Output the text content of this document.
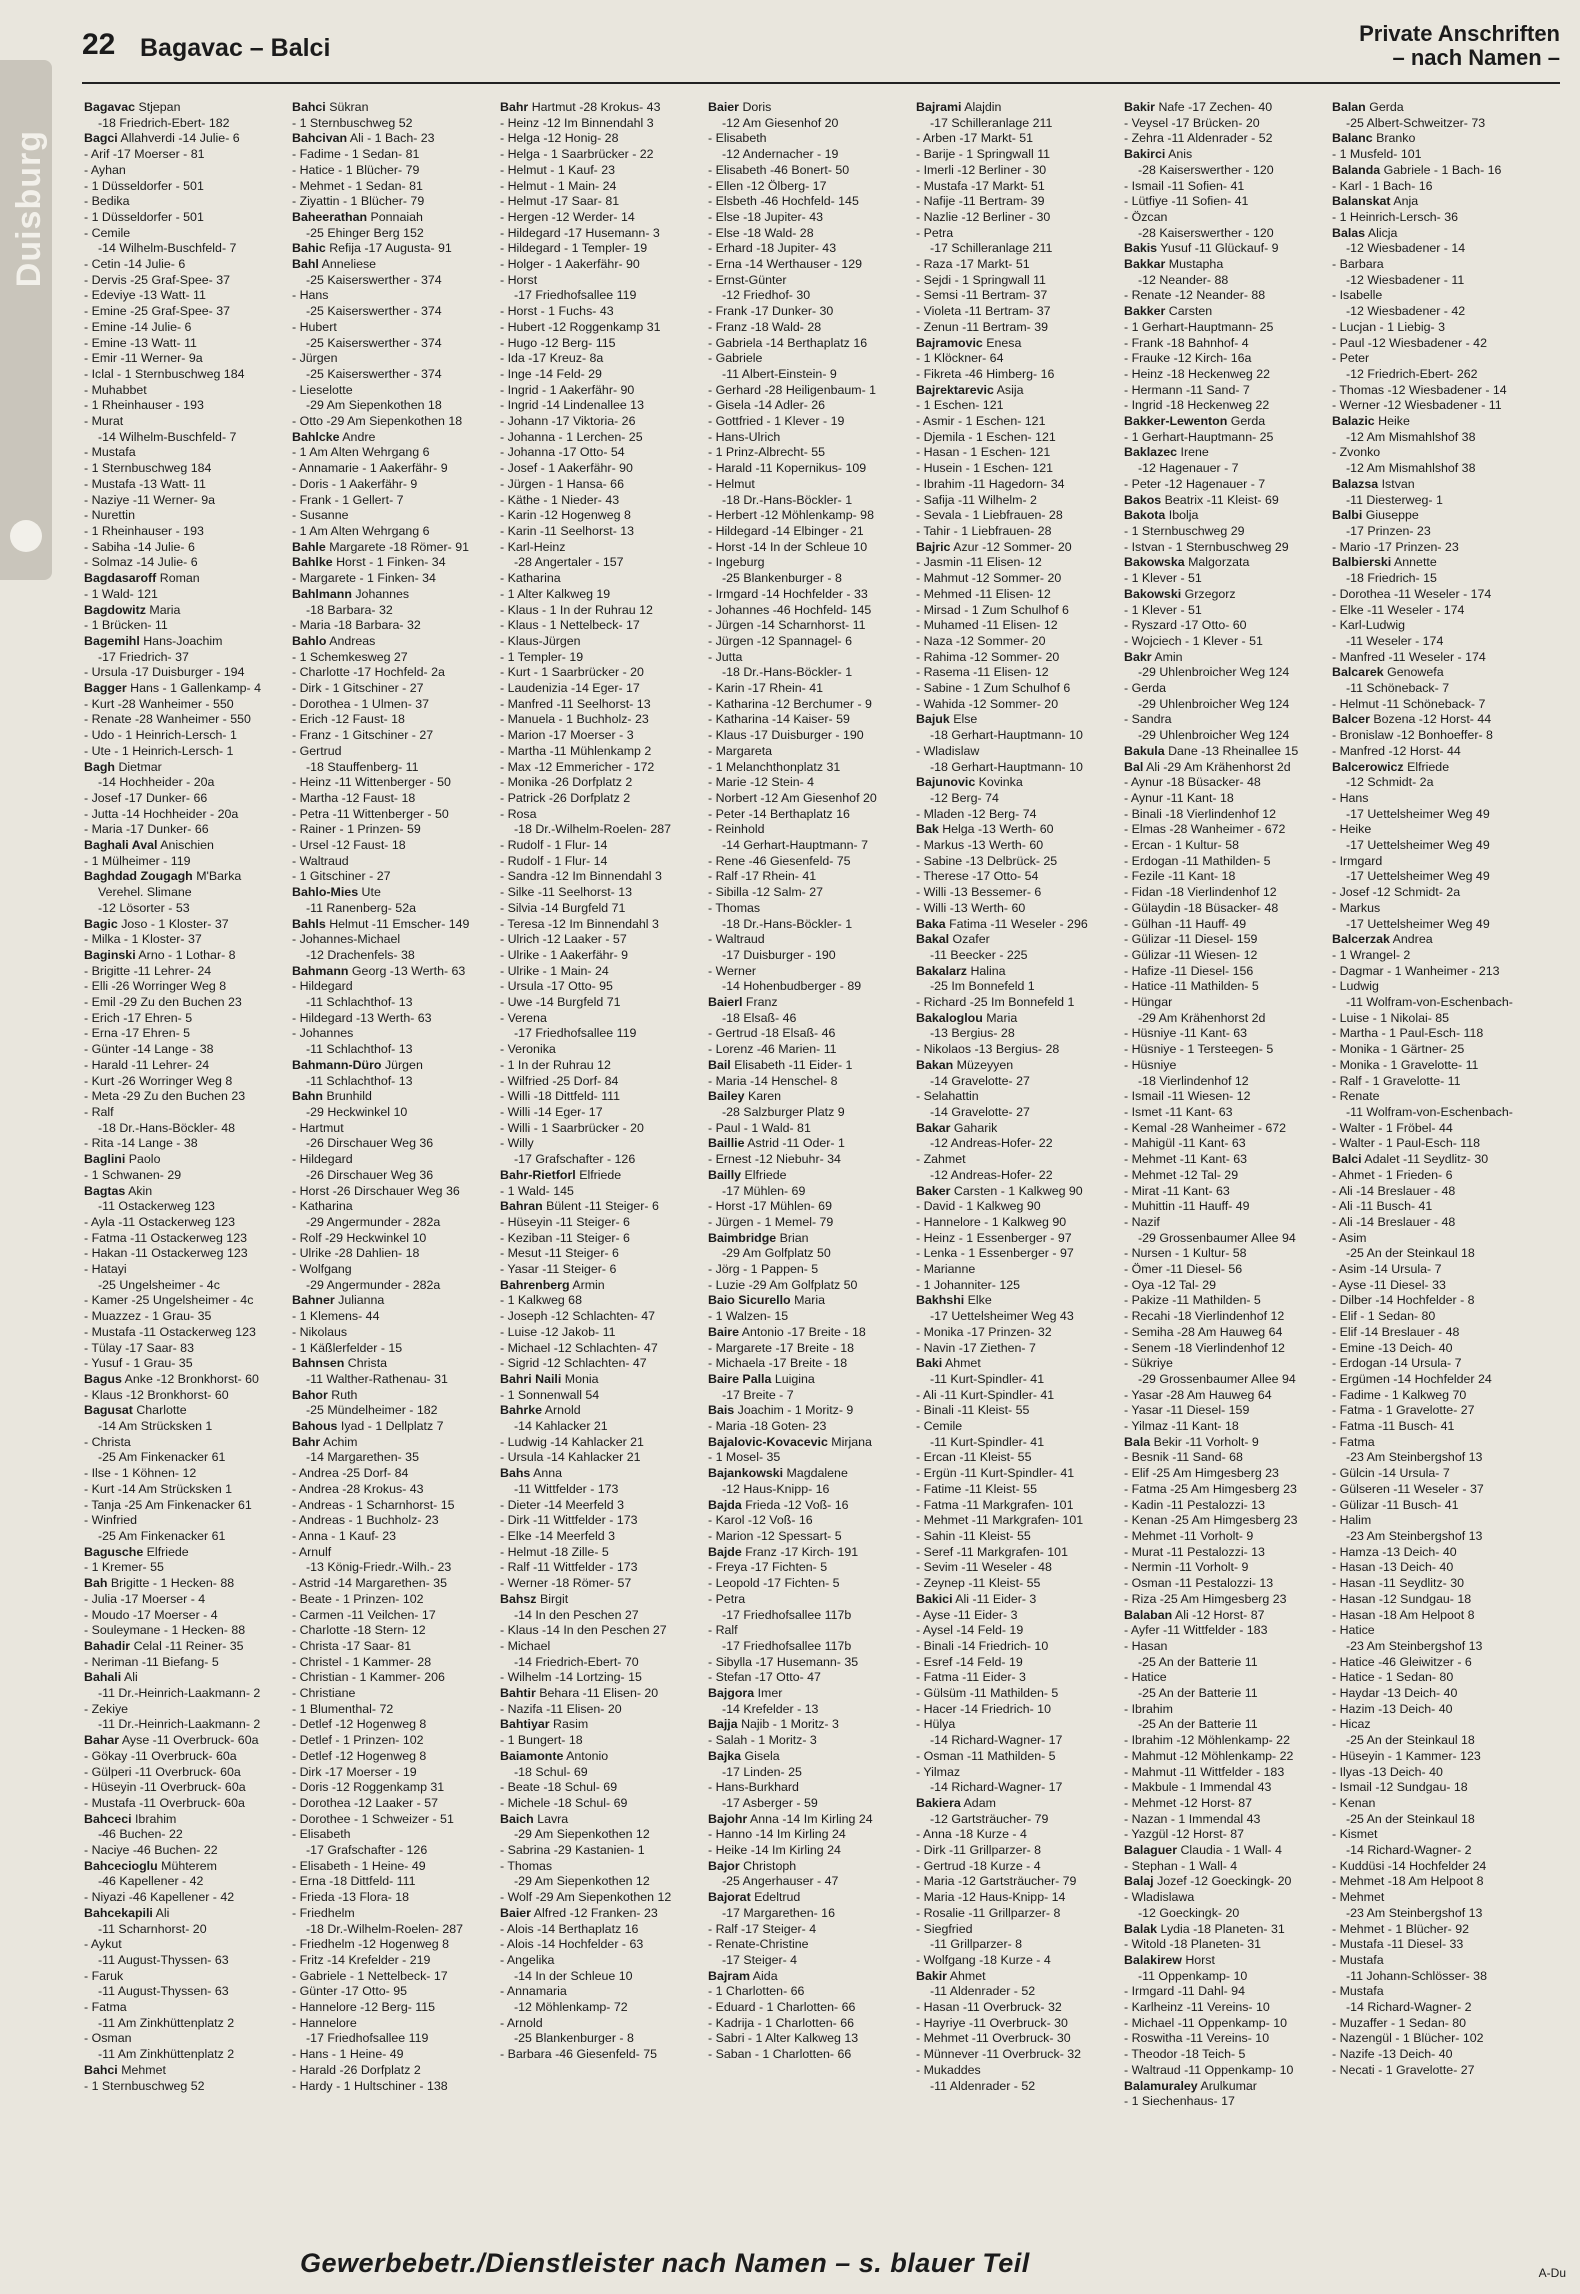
Duisburg
22 Bagavac – Balci
Private Anschriften
– nach Namen –
Bagavac Stjepan
-18 Friedrich-Ebert- 182
Bagci Allahverdi -14 Julie- 6
- Arif -17 Moerser - 81
- Ayhan
- 1 Düsseldorfer - 501
- Bedika
- 1 Düsseldorfer - 501
- Cemile
-14 Wilhelm-Buschfeld- 7
- Cetin -14 Julie- 6
- Dervis -25 Graf-Spee- 37
- Edeviye -13 Watt- 11
- Emine -25 Graf-Spee- 37
- Emine -14 Julie- 6
- Emine -13 Watt- 11
- Emir -11 Werner- 9a
- Iclal - 1 Sternbuschweg 184
- Muhabbet
- 1 Rheinhauser - 193
- Murat
-14 Wilhelm-Buschfeld- 7
- Mustafa
- 1 Sternbuschweg 184
- Mustafa -13 Watt- 11
- Naziye -11 Werner- 9a
- Nurettin
- 1 Rheinhauser - 193
- Sabiha -14 Julie- 6
- Solmaz -14 Julie- 6
Bagdasaroff Roman
- 1 Wald- 121
Bagdowitz Maria
- 1 Brücken- 11
Bagemihl Hans-Joachim
-17 Friedrich- 37
- Ursula -17 Duisburger - 194
Bagger Hans - 1 Gallenkamp- 4
- Kurt -28 Wanheimer - 550
- Renate -28 Wanheimer - 550
- Udo - 1 Heinrich-Lersch- 1
- Ute - 1 Heinrich-Lersch- 1
Bagh Dietmar
-14 Hochheider - 20a
- Josef -17 Dunker- 66
- Jutta -14 Hochheider - 20a
- Maria -17 Dunker- 66
Baghali Aval Anischien
- 1 Mülheimer - 119
Baghdad Zougagh M'Barka
Verehel. Slimane
-12 Lösorter - 53
Bagic Joso - 1 Kloster- 37
- Milka - 1 Kloster- 37
Baginski Arno - 1 Lothar- 8
- Brigitte -11 Lehrer- 24
- Elli -26 Worringer Weg 8
- Emil -29 Zu den Buchen 23
- Erich -17 Ehren- 5
- Erna -17 Ehren- 5
- Günter -14 Lange - 38
- Harald -11 Lehrer- 24
- Kurt -26 Worringer Weg 8
- Meta -29 Zu den Buchen 23
- Ralf
-18 Dr.-Hans-Böckler- 48
- Rita -14 Lange - 38
Baglini Paolo
- 1 Schwanen- 29
Bagtas Akin
-11 Ostackerweg 123
- Ayla -11 Ostackerweg 123
- Fatma -11 Ostackerweg 123
- Hakan -11 Ostackerweg 123
- Hatayi
-25 Ungelsheimer - 4c
- Kamer -25 Ungelsheimer - 4c
- Muazzez - 1 Grau- 35
- Mustafa -11 Ostackerweg 123
- Tülay -17 Saar- 83
- Yusuf - 1 Grau- 35
Bagus Anke -12 Bronkhorst- 60
- Klaus -12 Bronkhorst- 60
Bagusat Charlotte
-14 Am Strücksken 1
- Christa
-25 Am Finkenacker 61
- Ilse - 1 Köhnen- 12
- Kurt -14 Am Strücksken 1
- Tanja -25 Am Finkenacker 61
- Winfried
-25 Am Finkenacker 61
Bagusche Elfriede
- 1 Kremer- 55
Bah Brigitte - 1 Hecken- 88
- Julia -17 Moerser - 4
- Moudo -17 Moerser - 4
- Souleymane - 1 Hecken- 88
Bahadir Celal -11 Reiner- 35
- Neriman -11 Biefang- 5
Bahali Ali
-11 Dr.-Heinrich-Laakmann- 2
- Zekiye
-11 Dr.-Heinrich-Laakmann- 2
Bahar Ayse -11 Overbruck- 60a
- Gökay -11 Overbruck- 60a
- Gülperi -11 Overbruck- 60a
- Hüseyin -11 Overbruck- 60a
- Mustafa -11 Overbruck- 60a
Bahceci Ibrahim
-46 Buchen- 22
- Naciye -46 Buchen- 22
Bahcecioglu Mühterem
-46 Kapellener - 42
- Niyazi -46 Kapellener - 42
Bahcekapili Ali
-11 Scharnhorst- 20
- Aykut
-11 August-Thyssen- 63
- Faruk
-11 August-Thyssen- 63
- Fatma
-11 Am Zinkhüttenplatz 2
- Osman
-11 Am Zinkhüttenplatz 2
Bahci Mehmet
- 1 Sternbuschweg 52
Bahci Sükran
- 1 Sternbuschweg 52
Bahcivan Ali - 1 Bach- 23
- Fadime - 1 Sedan- 81
- Hatice - 1 Blücher- 79
- Mehmet - 1 Sedan- 81
- Ziyattin - 1 Blücher- 79
Baheerathan Ponnaiah
-25 Ehinger Berg 152
Bahic Refija -17 Augusta- 91
Bahl Anneliese
-25 Kaiserswerther - 374
- Hans
-25 Kaiserswerther - 374
- Hubert
-25 Kaiserswerther - 374
- Jürgen
-25 Kaiserswerther - 374
- Lieselotte
-29 Am Siepenkothen 18
- Otto -29 Am Siepenkothen 18
Bahlcke Andre
- 1 Am Alten Wehrgang 6
- Annamarie - 1 Aakerfähr- 9
- Doris - 1 Aakerfähr- 9
- Frank - 1 Gellert- 7
- Susanne
- 1 Am Alten Wehrgang 6
Bahle Margarete -18 Römer- 91
Bahlke Horst - 1 Finken- 34
- Margarete - 1 Finken- 34
Bahlmann Johannes
-18 Barbara- 32
- Maria -18 Barbara- 32
Bahlo Andreas
- 1 Schemkesweg 27
- Charlotte -17 Hochfeld- 2a
- Dirk - 1 Gitschiner - 27
- Dorothea - 1 Ulmen- 37
- Erich -12 Faust- 18
- Franz - 1 Gitschiner - 27
- Gertrud
-18 Stauffenberg- 11
- Heinz -11 Wittenberger - 50
- Martha -12 Faust- 18
- Petra -11 Wittenberger - 50
- Rainer - 1 Prinzen- 59
- Ursel -12 Faust- 18
- Waltraud
- 1 Gitschiner - 27
Bahlo-Mies Ute
-11 Ranenberg- 52a
Bahls Helmut -11 Emscher- 149
- Johannes-Michael
-12 Drachenfels- 38
Bahmann Georg -13 Werth- 63
- Hildegard
-11 Schlachthof- 13
- Hildegard -13 Werth- 63
- Johannes
-11 Schlachthof- 13
Bahmann-Düro Jürgen
-11 Schlachthof- 13
Bahn Brunhild
-29 Heckwinkel 10
- Hartmut
-26 Dirschauer Weg 36
- Hildegard
-26 Dirschauer Weg 36
- Horst -26 Dirschauer Weg 36
- Katharina
-29 Angermunder - 282a
- Rolf -29 Heckwinkel 10
- Ulrike -28 Dahlien- 18
- Wolfgang
-29 Angermunder - 282a
Bahner Julianna
- 1 Klemens- 44
- Nikolaus
- 1 Käßlerfelder - 15
Bahnsen Christa
-11 Walther-Rathenau- 31
Bahor Ruth
-25 Mündelheimer - 182
Bahous Iyad - 1 Dellplatz 7
Bahr Achim
-14 Margarethen- 35
- Andrea -25 Dorf- 84
- Andrea -28 Krokus- 43
- Andreas - 1 Scharnhorst- 15
- Andreas - 1 Buchholz- 23
- Anna - 1 Kauf- 23
- Arnulf
-13 König-Friedr.-Wilh.- 23
- Astrid -14 Margarethen- 35
- Beate - 1 Prinzen- 102
- Carmen -11 Veilchen- 17
- Charlotte -18 Stern- 12
- Christa -17 Saar- 81
- Christel - 1 Kammer- 28
- Christian - 1 Kammer- 206
- Christiane
- 1 Blumenthal- 72
- Detlef -12 Hogenweg 8
- Detlef - 1 Prinzen- 102
- Detlef -12 Hogenweg 8
- Dirk -17 Moerser - 19
- Doris -12 Roggenkamp 31
- Dorothea -12 Laaker - 57
- Dorothee - 1 Schweizer - 51
- Elisabeth
-17 Grafschafter - 126
- Elisabeth - 1 Heine- 49
- Erna -18 Dittfeld- 111
- Frieda -13 Flora- 18
- Friedhelm
-18 Dr.-Wilhelm-Roelen- 287
- Friedhelm -12 Hogenweg 8
- Fritz -14 Krefelder - 219
- Gabriele - 1 Nettelbeck- 17
- Günter -17 Otto- 95
- Hannelore -12 Berg- 115
- Hannelore
-17 Friedhofsallee 119
- Hans - 1 Heine- 49
- Harald -26 Dorfplatz 2
- Hardy - 1 Hultschiner - 138
Bahr Hartmut -28 Krokus- 43
- Heinz -12 Im Binnendahl 3
- Helga -12 Honig- 28
- Helga - 1 Saarbrücker - 22
- Helmut - 1 Kauf- 23
- Helmut - 1 Main- 24
- Helmut -17 Saar- 81
- Hergen -12 Werder- 14
- Hildegard -17 Husemann- 3
- Hildegard - 1 Templer- 19
- Holger - 1 Aakerfähr- 90
- Horst
-17 Friedhofsallee 119
- Horst - 1 Fuchs- 43
- Hubert -12 Roggenkamp 31
- Hugo -12 Berg- 115
- Ida -17 Kreuz- 8a
- Inge -14 Feld- 29
- Ingrid - 1 Aakerfähr- 90
- Ingrid -14 Lindenallee 13
- Johann -17 Viktoria- 26
- Johanna - 1 Lerchen- 25
- Johanna -17 Otto- 54
- Josef - 1 Aakerfähr- 90
- Jürgen - 1 Hansa- 66
- Käthe - 1 Nieder- 43
- Karin -12 Hogenweg 8
- Karin -11 Seelhorst- 13
- Karl-Heinz
-28 Angertaler - 157
- Katharina
- 1 Alter Kalkweg 19
- Klaus - 1 In der Ruhrau 12
- Klaus - 1 Nettelbeck- 17
- Klaus-Jürgen
- 1 Templer- 19
- Kurt - 1 Saarbrücker - 20
- Laudenizia -14 Eger- 17
- Manfred -11 Seelhorst- 13
- Manuela - 1 Buchholz- 23
- Marion -17 Moerser - 3
- Martha -11 Mühlenkamp 2
- Max -12 Emmericher - 172
- Monika -26 Dorfplatz 2
- Patrick -26 Dorfplatz 2
- Rosa
-18 Dr.-Wilhelm-Roelen- 287
- Rudolf - 1 Flur- 14
- Rudolf - 1 Flur- 14
- Sandra -12 Im Binnendahl 3
- Silke -11 Seelhorst- 13
- Silvia -14 Burgfeld 71
- Teresa -12 Im Binnendahl 3
- Ulrich -12 Laaker - 57
- Ulrike - 1 Aakerfähr- 9
- Ulrike - 1 Main- 24
- Ursula -17 Otto- 95
- Uwe -14 Burgfeld 71
- Verena
-17 Friedhofsallee 119
- Veronika
- 1 In der Ruhrau 12
- Wilfried -25 Dorf- 84
- Willi -18 Dittfeld- 111
- Willi -14 Eger- 17
- Willi - 1 Saarbrücker - 20
- Willy
-17 Grafschafter - 126
Bahr-Rietforl Elfriede
- 1 Wald- 145
Bahran Bülent -11 Steiger- 6
- Hüseyin -11 Steiger- 6
- Keziban -11 Steiger- 6
- Mesut -11 Steiger- 6
- Yasar -11 Steiger- 6
Bahrenberg Armin
- 1 Kalkweg 68
- Joseph -12 Schlachten- 47
- Luise -12 Jakob- 11
- Michael -12 Schlachten- 47
- Sigrid -12 Schlachten- 47
Bahri Naili Monia
- 1 Sonnenwall 54
Bahrke Arnold
-14 Kahlacker 21
- Ludwig -14 Kahlacker 21
- Ursula -14 Kahlacker 21
Bahs Anna
-11 Wittfelder - 173
- Dieter -14 Meerfeld 3
- Dirk -11 Wittfelder - 173
- Elke -14 Meerfeld 3
- Helmut -18 Zille- 5
- Ralf -11 Wittfelder - 173
- Werner -18 Römer- 57
Bahsz Birgit
-14 In den Peschen 27
- Klaus -14 In den Peschen 27
- Michael
-14 Friedrich-Ebert- 70
- Wilhelm -14 Lortzing- 15
Bahtir Behara -11 Elisen- 20
- Nazifa -11 Elisen- 20
Bahtiyar Rasim
- 1 Bungert- 18
Baiamonte Antonio
-18 Schul- 69
- Beate -18 Schul- 69
- Michele -18 Schul- 69
Baich Lavra
-29 Am Siepenkothen 12
- Sabrina -29 Kastanien- 1
- Thomas
-29 Am Siepenkothen 12
- Wolf -29 Am Siepenkothen 12
Baier Alfred -12 Franken- 23
- Alois -14 Berthaplatz 16
- Alois -14 Hochfelder - 63
- Angelika
-14 In der Schleue 10
- Annamaria
-12 Möhlenkamp- 72
- Arnold
-25 Blankenburger - 8
- Barbara -46 Giesenfeld- 75
Baier Doris
-12 Am Giesenhof 20
- Elisabeth
-12 Andernacher - 19
- Elisabeth -46 Bonert- 50
- Ellen -12 Ölberg- 17
- Elsbeth -46 Hochfeld- 145
- Else -18 Jupiter- 43
- Else -18 Wald- 28
- Erhard -18 Jupiter- 43
- Erna -14 Werthauser - 129
- Ernst-Günter
-12 Friedhof- 30
- Frank -17 Dunker- 30
- Franz -18 Wald- 28
- Gabriela -14 Berthaplatz 16
- Gabriele
-11 Albert-Einstein- 9
- Gerhard -28 Heiligenbaum- 1
- Gisela -14 Adler- 26
- Gottfried - 1 Klever - 19
- Hans-Ulrich
- 1 Prinz-Albrecht- 55
- Harald -11 Kopernikus- 109
- Helmut
-18 Dr.-Hans-Böckler- 1
- Herbert -12 Möhlenkamp- 98
- Hildegard -14 Elbinger - 21
- Horst -14 In der Schleue 10
- Ingeburg
-25 Blankenburger - 8
- Irmgard -14 Hochfelder - 33
- Johannes -46 Hochfeld- 145
- Jürgen -14 Scharnhorst- 11
- Jürgen -12 Spannagel- 6
- Jutta
-18 Dr.-Hans-Böckler- 1
- Karin -17 Rhein- 41
- Katharina -12 Berchumer - 9
- Katharina -14 Kaiser- 59
- Klaus -17 Duisburger - 190
- Margareta
- 1 Melanchthonplatz 31
- Marie -12 Stein- 4
- Norbert -12 Am Giesenhof 20
- Peter -14 Berthaplatz 16
- Reinhold
-14 Gerhart-Hauptmann- 7
- Rene -46 Giesenfeld- 75
- Ralf -17 Rhein- 41
- Sibilla -12 Salm- 27
- Thomas
-18 Dr.-Hans-Böckler- 1
- Waltraud
-17 Duisburger - 190
- Werner
-14 Hohenbudberger - 89
Baierl Franz
-18 Elsaß- 46
- Gertrud -18 Elsaß- 46
- Lorenz -46 Marien- 11
Bail Elisabeth -11 Eider- 1
- Maria -14 Henschel- 8
Bailey Karen
-28 Salzburger Platz 9
- Paul - 1 Wald- 81
Baillie Astrid -11 Oder- 1
- Ernest -12 Niebuhr- 34
Bailly Elfriede
-17 Mühlen- 69
- Horst -17 Mühlen- 69
- Jürgen - 1 Memel- 79
Baimbridge Brian
-29 Am Golfplatz 50
- Jörg - 1 Pappen- 5
- Luzie -29 Am Golfplatz 50
Baio Sicurello Maria
- 1 Walzen- 15
Baire Antonio -17 Breite - 18
- Margarete -17 Breite - 18
- Michaela -17 Breite - 18
Baire Palla Luigina
-17 Breite - 7
Bais Joachim - 1 Moritz- 9
- Maria -18 Goten- 23
Bajalovic-Kovacevic Mirjana
- 1 Mosel- 35
Bajankowski Magdalene
-12 Haus-Knipp- 16
Bajda Frieda -12 Voß- 16
- Karol -12 Voß- 16
- Marion -12 Spessart- 5
Bajde Franz -17 Kirch- 191
- Freya -17 Fichten- 5
- Leopold -17 Fichten- 5
- Petra
-17 Friedhofsallee 117b
- Ralf
-17 Friedhofsallee 117b
- Sibylla -17 Husemann- 35
- Stefan -17 Otto- 47
Bajgora Imer
-14 Krefelder - 13
Bajja Najib - 1 Moritz- 3
- Salah - 1 Moritz- 3
Bajka Gisela
-17 Linden- 25
- Hans-Burkhard
-17 Asberger - 59
Bajohr Anna -14 Im Kirling 24
- Hanno -14 Im Kirling 24
- Heike -14 Im Kirling 24
Bajor Christoph
-25 Angerhauser - 47
Bajorat Edeltrud
-17 Margarethen- 16
- Ralf -17 Steiger- 4
- Renate-Christine
-17 Steiger- 4
Bajram Aida
- 1 Charlotten- 66
- Eduard - 1 Charlotten- 66
- Kadrija - 1 Charlotten- 66
- Sabri - 1 Alter Kalkweg 13
- Saban - 1 Charlotten- 66
Bajrami Alajdin
-17 Schilleranlage 211
- Arben -17 Markt- 51
- Barije - 1 Springwall 11
- Imerli -12 Berliner - 30
- Mustafa -17 Markt- 51
- Nafije -11 Bertram- 39
- Nazlie -12 Berliner - 30
- Petra
-17 Schilleranlage 211
- Raza -17 Markt- 51
- Sejdi - 1 Springwall 11
- Semsi -11 Bertram- 37
- Violeta -11 Bertram- 37
- Zenun -11 Bertram- 39
Bajramovic Enesa
- 1 Klöckner- 64
- Fikreta -46 Himberg- 16
Bajrektarevic Asija
- 1 Eschen- 121
- Asmir - 1 Eschen- 121
- Djemila - 1 Eschen- 121
- Hasan - 1 Eschen- 121
- Husein - 1 Eschen- 121
- Ibrahim -11 Hagedorn- 34
- Safija -11 Wilhelm- 2
- Sevala - 1 Liebfrauen- 28
- Tahir - 1 Liebfrauen- 28
Bajric Azur -12 Sommer- 20
- Jasmin -11 Elisen- 12
- Mahmut -12 Sommer- 20
- Mehmed -11 Elisen- 12
- Mirsad - 1 Zum Schulhof 6
- Muhamed -11 Elisen- 12
- Naza -12 Sommer- 20
- Rahima -12 Sommer- 20
- Rasema -11 Elisen- 12
- Sabine - 1 Zum Schulhof 6
- Wahida -12 Sommer- 20
Bajuk Else
-18 Gerhart-Hauptmann- 10
- Wladislaw
-18 Gerhart-Hauptmann- 10
Bajunovic Kovinka
-12 Berg- 74
- Mladen -12 Berg- 74
Bak Helga -13 Werth- 60
- Markus -13 Werth- 60
- Sabine -13 Delbrück- 25
- Therese -17 Otto- 54
- Willi -13 Bessemer- 6
- Willi -13 Werth- 60
Baka Fatima -11 Weseler - 296
Bakal Ozafer
-11 Beecker - 225
Bakalarz Halina
-25 Im Bonnefeld 1
- Richard -25 Im Bonnefeld 1
Bakaloglou Maria
-13 Bergius- 28
- Nikolaos -13 Bergius- 28
Bakan Müzeyyen
-14 Gravelotte- 27
- Selahattin
-14 Gravelotte- 27
Bakar Gaharik
-12 Andreas-Hofer- 22
- Zahmet
-12 Andreas-Hofer- 22
Baker Carsten - 1 Kalkweg 90
- David - 1 Kalkweg 90
- Hannelore - 1 Kalkweg 90
- Heinz - 1 Essenberger - 97
- Lenka - 1 Essenberger - 97
- Marianne
- 1 Johanniter- 125
Bakhshi Elke
-17 Uettelsheimer Weg 43
- Monika -17 Prinzen- 32
- Navin -17 Ziethen- 7
Baki Ahmet
-11 Kurt-Spindler- 41
- Ali -11 Kurt-Spindler- 41
- Binali -11 Kleist- 55
- Cemile
-11 Kurt-Spindler- 41
- Ercan -11 Kleist- 55
- Ergün -11 Kurt-Spindler- 41
- Fatime -11 Kleist- 55
- Fatma -11 Markgrafen- 101
- Mehmet -11 Markgrafen- 101
- Sahin -11 Kleist- 55
- Seref -11 Markgrafen- 101
- Sevim -11 Weseler - 48
- Zeynep -11 Kleist- 55
Bakici Ali -11 Eider- 3
- Ayse -11 Eider- 3
- Aysel -14 Feld- 19
- Binali -14 Friedrich- 10
- Esref -14 Feld- 19
- Fatma -11 Eider- 3
- Gülsüm -11 Mathilden- 5
- Hacer -14 Friedrich- 10
- Hülya
-14 Richard-Wagner- 17
- Osman -11 Mathilden- 5
- Yilmaz
-14 Richard-Wagner- 17
Bakiera Adam
-12 Gartsträucher- 79
- Anna -18 Kurze - 4
- Dirk -11 Grillparzer- 8
- Gertrud -18 Kurze - 4
- Maria -12 Gartsträucher- 79
- Maria -12 Haus-Knipp- 14
- Rosalie -11 Grillparzer- 8
- Siegfried
-11 Grillparzer- 8
- Wolfgang -18 Kurze - 4
Bakir Ahmet
-11 Aldenrader - 52
- Hasan -11 Overbruck- 32
- Hayriye -11 Overbruck- 30
- Mehmet -11 Overbruck- 30
- Münnever -11 Overbruck- 32
- Mukaddes
-11 Aldenrader - 52
Bakir Nafe -17 Zechen- 40
- Veysel -17 Brücken- 20
- Zehra -11 Aldenrader - 52
Bakirci Anis
-28 Kaiserswerther - 120
- Ismail -11 Sofien- 41
- Lütfiye -11 Sofien- 41
- Özcan
-28 Kaiserswerther - 120
Bakis Yusuf -11 Glückauf- 9
Bakkar Mustapha
-12 Neander- 88
- Renate -12 Neander- 88
Bakker Carsten
- 1 Gerhart-Hauptmann- 25
- Frank -18 Bahnhof- 4
- Frauke -12 Kirch- 16a
- Heinz -18 Heckenweg 22
- Hermann -11 Sand- 7
- Ingrid -18 Heckenweg 22
Bakker-Lewenton Gerda
- 1 Gerhart-Hauptmann- 25
Baklazec Irene
-12 Hagenauer - 7
- Peter -12 Hagenauer - 7
Bakos Beatrix -11 Kleist- 69
Bakota Ibolja
- 1 Sternbuschweg 29
- Istvan - 1 Sternbuschweg 29
Bakowska Malgorzata
- 1 Klever - 51
Bakowski Grzegorz
- 1 Klever - 51
- Ryszard -17 Otto- 60
- Wojciech - 1 Klever - 51
Bakr Amin
-29 Uhlenbroicher Weg 124
- Gerda
-29 Uhlenbroicher Weg 124
- Sandra
-29 Uhlenbroicher Weg 124
Bakula Dane -13 Rheinallee 15
Bal Ali -29 Am Krähenhorst 2d
- Aynur -18 Büsacker- 48
- Aynur -11 Kant- 18
- Binali -18 Vierlindenhof 12
- Elmas -28 Wanheimer - 672
- Ercan - 1 Kultur- 58
- Erdogan -11 Mathilden- 5
- Fezile -11 Kant- 18
- Fidan -18 Vierlindenhof 12
- Gülaydin -18 Büsacker- 48
- Gülhan -11 Hauff- 49
- Gülizar -11 Diesel- 159
- Gülizar -11 Wiesen- 12
- Hafize -11 Diesel- 156
- Hatice -11 Mathilden- 5
- Hüngar
-29 Am Krähenhorst 2d
- Hüsniye -11 Kant- 63
- Hüsniye - 1 Tersteegen- 5
- Hüsniye
-18 Vierlindenhof 12
- Ismail -11 Wiesen- 12
- Ismet -11 Kant- 63
- Kemal -28 Wanheimer - 672
- Mahigül -11 Kant- 63
- Mehmet -11 Kant- 63
- Mehmet -12 Tal- 29
- Mirat -11 Kant- 63
- Muhittin -11 Hauff- 49
- Nazif
-29 Grossenbaumer Allee 94
- Nursen - 1 Kultur- 58
- Ömer -11 Diesel- 56
- Oya -12 Tal- 29
- Pakize -11 Mathilden- 5
- Recahi -18 Vierlindenhof 12
- Semiha -28 Am Hauweg 64
- Senem -18 Vierlindenhof 12
- Sükriye
-29 Grossenbaumer Allee 94
- Yasar -28 Am Hauweg 64
- Yasar -11 Diesel- 159
- Yilmaz -11 Kant- 18
Bala Bekir -11 Vorholt- 9
- Besnik -11 Sand- 68
- Elif -25 Am Himgesberg 23
- Fatma -25 Am Himgesberg 23
- Kadin -11 Pestalozzi- 13
- Kenan -25 Am Himgesberg 23
- Mehmet -11 Vorholt- 9
- Murat -11 Pestalozzi- 13
- Nermin -11 Vorholt- 9
- Osman -11 Pestalozzi- 13
- Riza -25 Am Himgesberg 23
Balaban Ali -12 Horst- 87
- Ayfer -11 Wittfelder - 183
- Hasan
-25 An der Batterie 11
- Hatice
-25 An der Batterie 11
- Ibrahim
-25 An der Batterie 11
- Ibrahim -12 Möhlenkamp- 22
- Mahmut -12 Möhlenkamp- 22
- Mahmut -11 Wittfelder - 183
- Makbule - 1 Immendal 43
- Mehmet -12 Horst- 87
- Nazan - 1 Immendal 43
- Yazgül -12 Horst- 87
Balaguer Claudia - 1 Wall- 4
- Stephan - 1 Wall- 4
Balaj Jozef -12 Goeckingk- 20
- Wladislawa
-12 Goeckingk- 20
Balak Lydia -18 Planeten- 31
- Witold -18 Planeten- 31
Balakirew Horst
-11 Oppenkamp- 10
- Irmgard -11 Dahl- 94
- Karlheinz -11 Vereins- 10
- Michael -11 Oppenkamp- 10
- Roswitha -11 Vereins- 10
- Theodor -18 Teich- 5
- Waltraud -11 Oppenkamp- 10
Balamuraley Arulkumar
- 1 Siechenhaus- 17
Balan Gerda
-25 Albert-Schweitzer- 73
Balanc Branko
- 1 Musfeld- 101
Balanda Gabriele - 1 Bach- 16
- Karl - 1 Bach- 16
Balanskat Anja
- 1 Heinrich-Lersch- 36
Balas Alicja
-12 Wiesbadener - 14
- Barbara
-12 Wiesbadener - 11
- Isabelle
-12 Wiesbadener - 42
- Lucjan - 1 Liebig- 3
- Paul -12 Wiesbadener - 42
- Peter
-12 Friedrich-Ebert- 262
- Thomas -12 Wiesbadener - 14
- Werner -12 Wiesbadener - 11
Balazic Heike
-12 Am Mismahlshof 38
- Zvonko
-12 Am Mismahlshof 38
Balazsa Istvan
-11 Diesterweg- 1
Balbi Giuseppe
-17 Prinzen- 23
- Mario -17 Prinzen- 23
Balbierski Annette
-18 Friedrich- 15
- Dorothea -11 Weseler - 174
- Elke -11 Weseler - 174
- Karl-Ludwig
-11 Weseler - 174
- Manfred -11 Weseler - 174
Balcarek Genowefa
-11 Schöneback- 7
- Helmut -11 Schöneback- 7
Balcer Bozena -12 Horst- 44
- Bronislaw -12 Bonhoeffer- 8
- Manfred -12 Horst- 44
Balcerowicz Elfriede
-12 Schmidt- 2a
- Hans
-17 Uettelsheimer Weg 49
- Heike
-17 Uettelsheimer Weg 49
- Irmgard
-17 Uettelsheimer Weg 49
- Josef -12 Schmidt- 2a
- Markus
-17 Uettelsheimer Weg 49
Balcerzak Andrea
- 1 Wrangel- 2
- Dagmar - 1 Wanheimer - 213
- Ludwig
-11 Wolfram-von-Eschenbach-
- Luise - 1 Nikolai- 85
- Martha - 1 Paul-Esch- 118
- Monika - 1 Gärtner- 25
- Monika - 1 Gravelotte- 11
- Ralf - 1 Gravelotte- 11
- Renate
-11 Wolfram-von-Eschenbach-
- Walter - 1 Fröbel- 44
- Walter - 1 Paul-Esch- 118
Balci Adalet -11 Seydlitz- 30
- Ahmet - 1 Frieden- 6
- Ali -14 Breslauer - 48
- Ali -11 Busch- 41
- Ali -14 Breslauer - 48
- Asim
-25 An der Steinkaul 18
- Asim -14 Ursula- 7
- Ayse -11 Diesel- 33
- Dilber -14 Hochfelder - 8
- Elif - 1 Sedan- 80
- Elif -14 Breslauer - 48
- Emine -13 Deich- 40
- Erdogan -14 Ursula- 7
- Ergümen -14 Hochfelder 24
- Fadime - 1 Kalkweg 70
- Fatma - 1 Gravelotte- 27
- Fatma -11 Busch- 41
- Fatma
-23 Am Steinbergshof 13
- Gülcin -14 Ursula- 7
- Gülseren -11 Weseler - 37
- Gülizar -11 Busch- 41
- Halim
-23 Am Steinbergshof 13
- Hamza -13 Deich- 40
- Hasan -13 Deich- 40
- Hasan -11 Seydlitz- 30
- Hasan -12 Sundgau- 18
- Hasan -18 Am Helpoot 8
- Hatice
-23 Am Steinbergshof 13
- Hatice -46 Gleiwitzer - 6
- Hatice - 1 Sedan- 80
- Haydar -13 Deich- 40
- Hazim -13 Deich- 40
- Hicaz
-25 An der Steinkaul 18
- Hüseyin - 1 Kammer- 123
- Ilyas -13 Deich- 40
- Ismail -12 Sundgau- 18
- Kenan
-25 An der Steinkaul 18
- Kismet
-14 Richard-Wagner- 2
- Kuddüsi -14 Hochfelder 24
- Mehmet -18 Am Helpoot 8
- Mehmet
-23 Am Steinbergshof 13
- Mehmet - 1 Blücher- 92
- Mustafa -11 Diesel- 33
- Mustafa
-11 Johann-Schlösser- 38
- Mustafa
-14 Richard-Wagner- 2
- Muzaffer - 1 Sedan- 80
- Nazengül - 1 Blücher- 102
- Nazife -13 Deich- 40
- Necati - 1 Gravelotte- 27
Gewerbebetr./Dienstleister nach Namen – s. blauer Teil	A-Du
